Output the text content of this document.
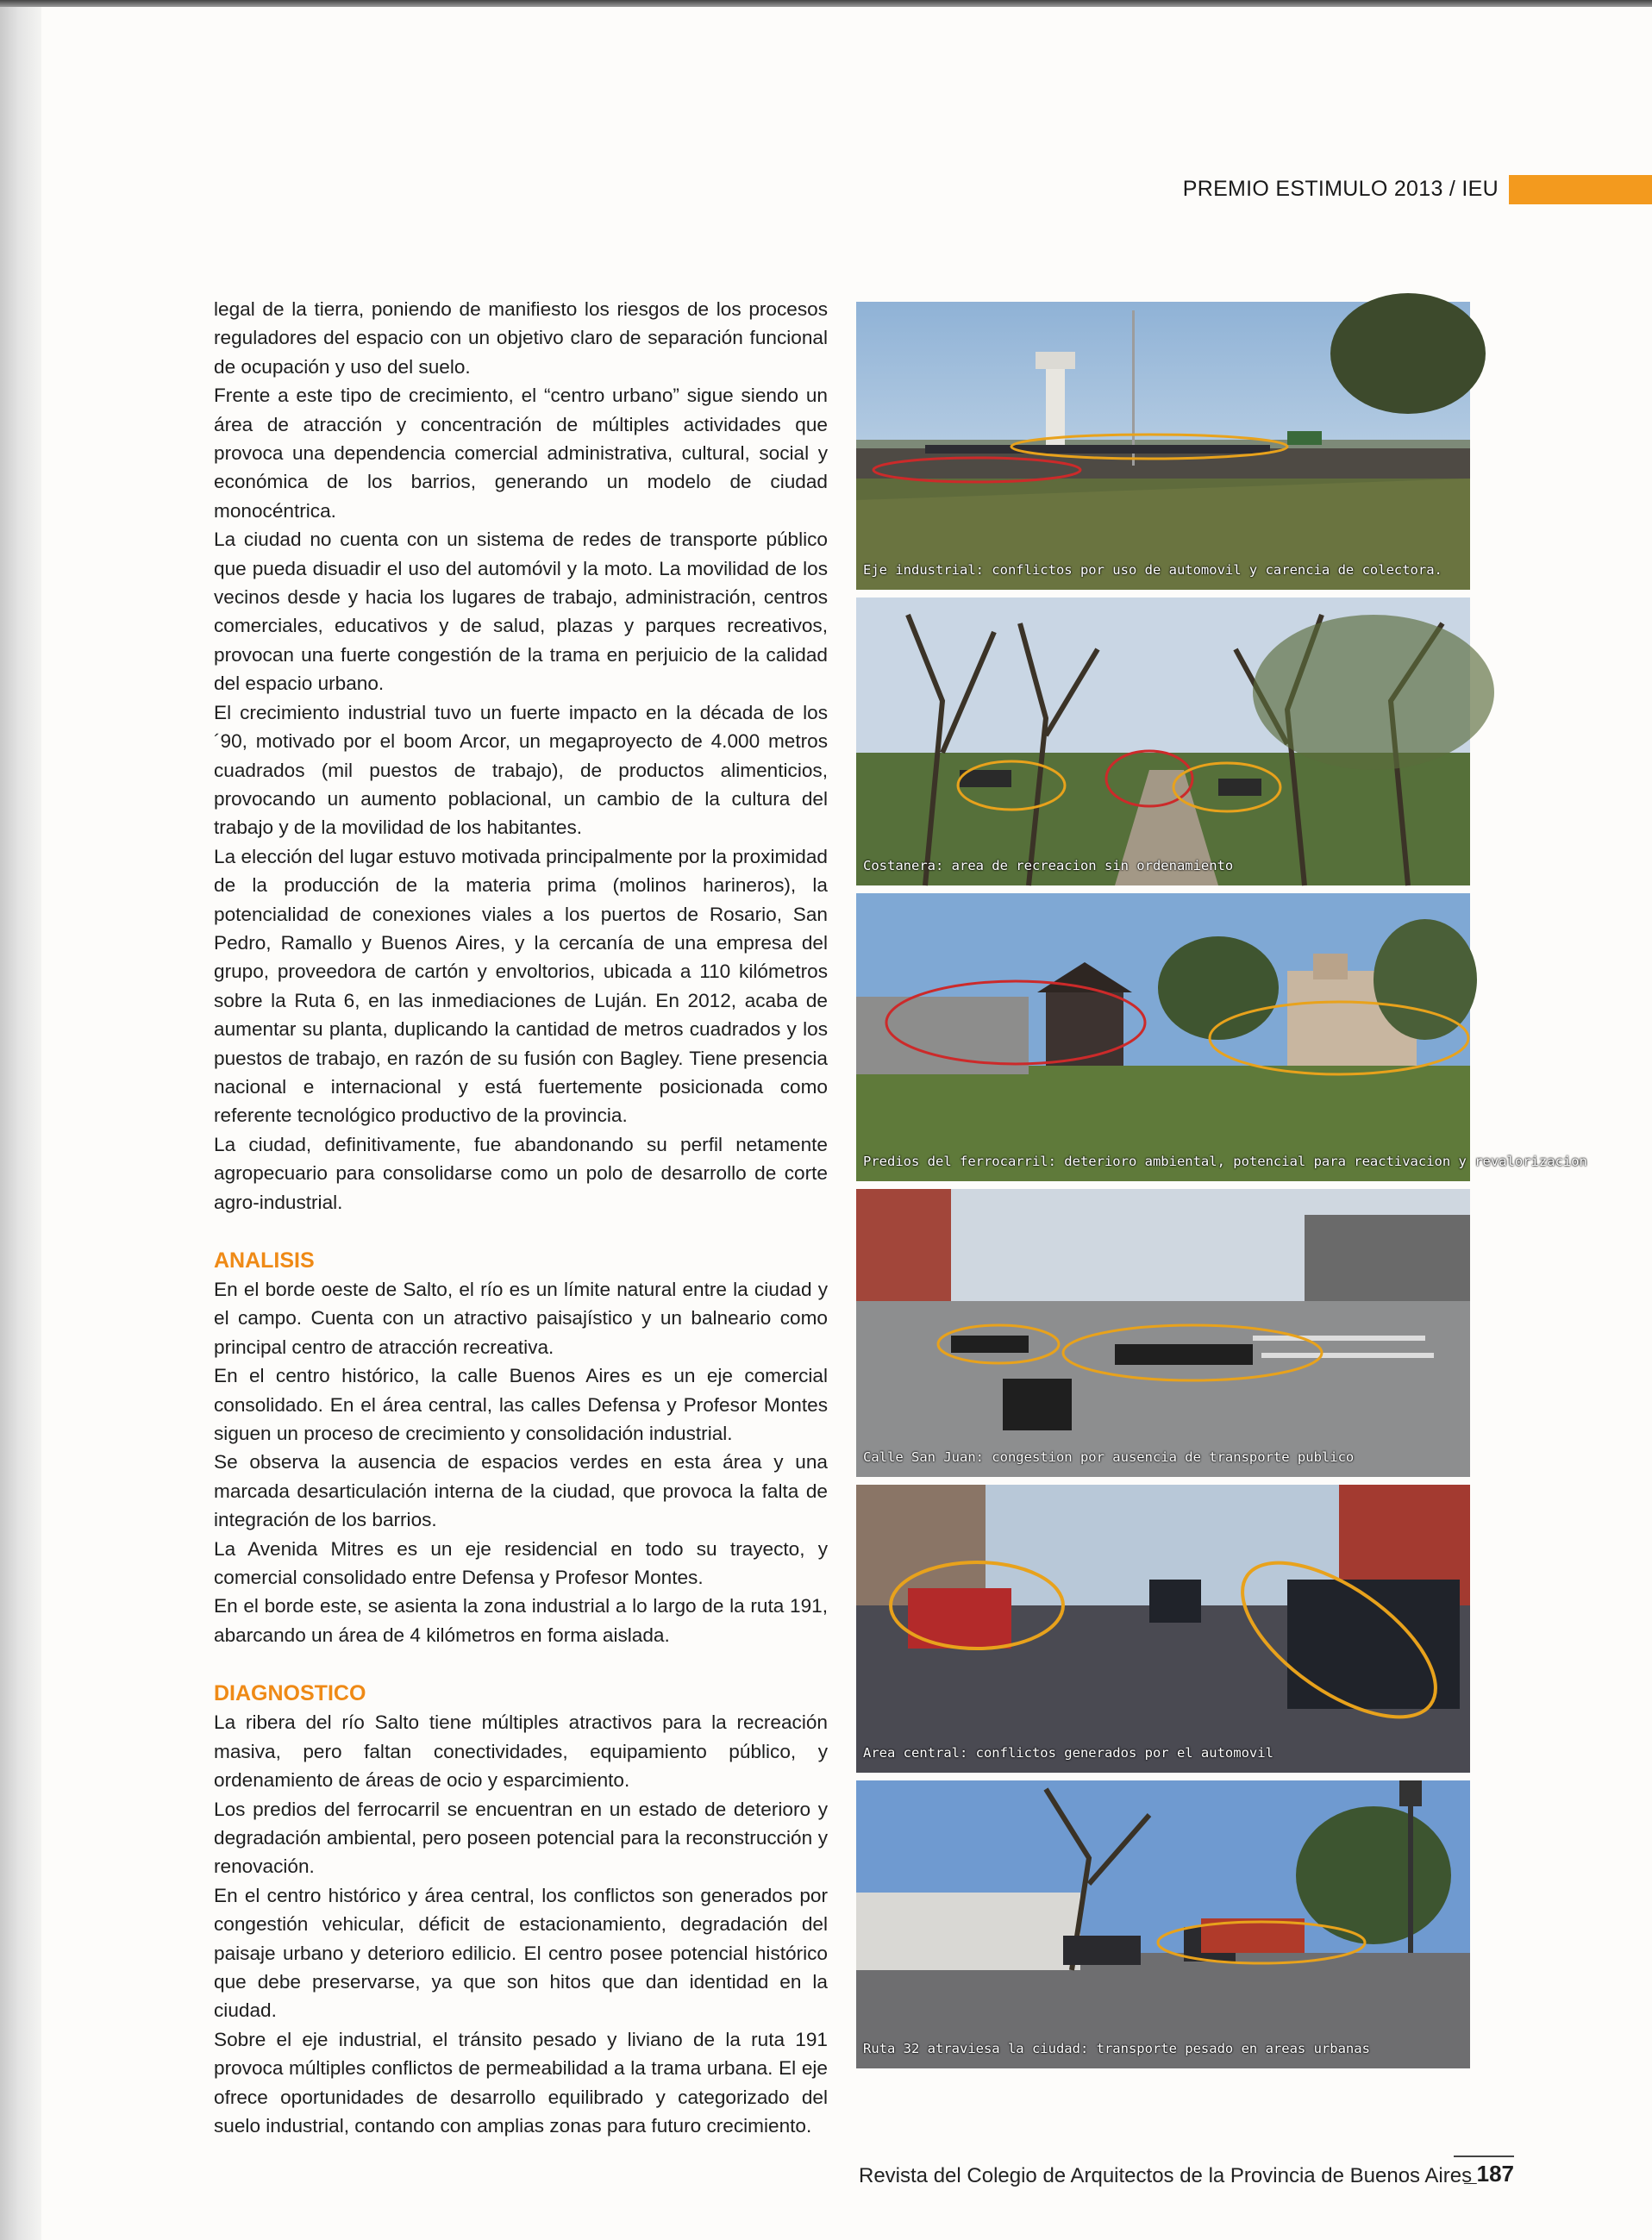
PREMIO ESTIMULO 2013 / IEU

legal de la tierra, poniendo de manifiesto los riesgos de los procesos reguladores del espacio con un objetivo claro de separación funcional de ocupación y uso del suelo.

Frente a este tipo de crecimiento, el “centro urbano” sigue siendo un área de atracción y concentración de múltiples actividades que provoca una dependencia comercial administrativa, cultural, social y económica de los barrios, generando un modelo de ciudad monocéntrica.

La ciudad no cuenta con un sistema de redes de transporte público que pueda disuadir el uso del automóvil y la moto. La movilidad de los vecinos desde y hacia los lugares de trabajo, administración, centros comerciales, educativos y de salud, plazas y parques recreativos, provocan una fuerte congestión de la trama en perjuicio de la calidad del espacio urbano.

El crecimiento industrial tuvo un fuerte impacto en la década de los ´90, motivado por el boom Arcor, un megaproyecto de 4.000 metros cuadrados (mil puestos de trabajo), de productos alimenticios, provocando un aumento poblacional, un cambio de la cultura del trabajo y de la movilidad de los habitantes.

La elección del lugar estuvo motivada principalmente por la proximidad de la producción de la materia prima (molinos harineros), la potencialidad de conexiones viales a los puertos de Rosario, San Pedro, Ramallo y Buenos Aires, y la cercanía de una empresa del grupo, proveedora de cartón y envoltorios, ubicada a 110 kilómetros sobre la Ruta 6, en las inmediaciones de Luján. En 2012, acaba de aumentar su planta, duplicando la cantidad de metros cuadrados y los puestos de trabajo, en razón de su fusión con Bagley. Tiene presencia nacional e internacional y está fuertemente posicionada como referente tecnológico productivo de la provincia.

La ciudad, definitivamente, fue abandonando su perfil netamente agropecuario para consolidarse como un polo de desarrollo de corte agro-industrial.

ANALISIS

En el borde oeste de Salto, el río es un límite natural entre la ciudad y el campo. Cuenta con un atractivo paisajístico y un balneario como principal centro de atracción recreativa.

En el centro histórico, la calle Buenos Aires es un eje comercial consolidado. En el área central, las calles Defensa y Profesor Montes siguen un proceso de crecimiento y consolidación industrial.

Se observa la ausencia de espacios verdes en esta área y una marcada desarticulación interna de la ciudad, que provoca la falta de integración de los barrios.

La Avenida Mitres es un eje residencial en todo su trayecto, y comercial consolidado entre Defensa y Profesor Montes.

En el borde este, se asienta la zona industrial a lo largo de la ruta 191, abarcando un área de 4 kilómetros en forma aislada.

DIAGNOSTICO

La ribera del río Salto tiene múltiples atractivos para la recreación masiva, pero faltan conectividades, equipamiento público, y ordenamiento de áreas de ocio y esparcimiento.

Los predios del ferrocarril se encuentran en un estado de deterioro y degradación ambiental, pero poseen potencial para la reconstrucción y renovación.

En el centro histórico y área central, los conflictos son generados por congestión vehicular, déficit de estacionamiento, degradación del paisaje urbano y deterioro edilicio. El centro posee potencial histórico que debe preservarse, ya que son hitos que dan identidad en la ciudad.

Sobre el eje industrial, el tránsito pesado y liviano de la ruta 191 provoca múltiples conflictos de permeabilidad a la trama urbana. El eje ofrece oportunidades de desarrollo equilibrado y categorizado del suelo industrial, contando con amplias zonas para futuro crecimiento.

Eje industrial: conflictos por uso de automovil y carencia de colectora.
Costanera: area de recreacion sin ordenamiento
Predios del ferrocarril: deterioro ambiental, potencial para reactivacion y revalorizacion
Calle San Juan: congestion por ausencia de transporte publico
Area central: conflictos generados por el automovil
Ruta 32 atraviesa la ciudad: transporte pesado en areas urbanas
Revista del Colegio de Arquitectos de la Provincia de Buenos Aires
_187
